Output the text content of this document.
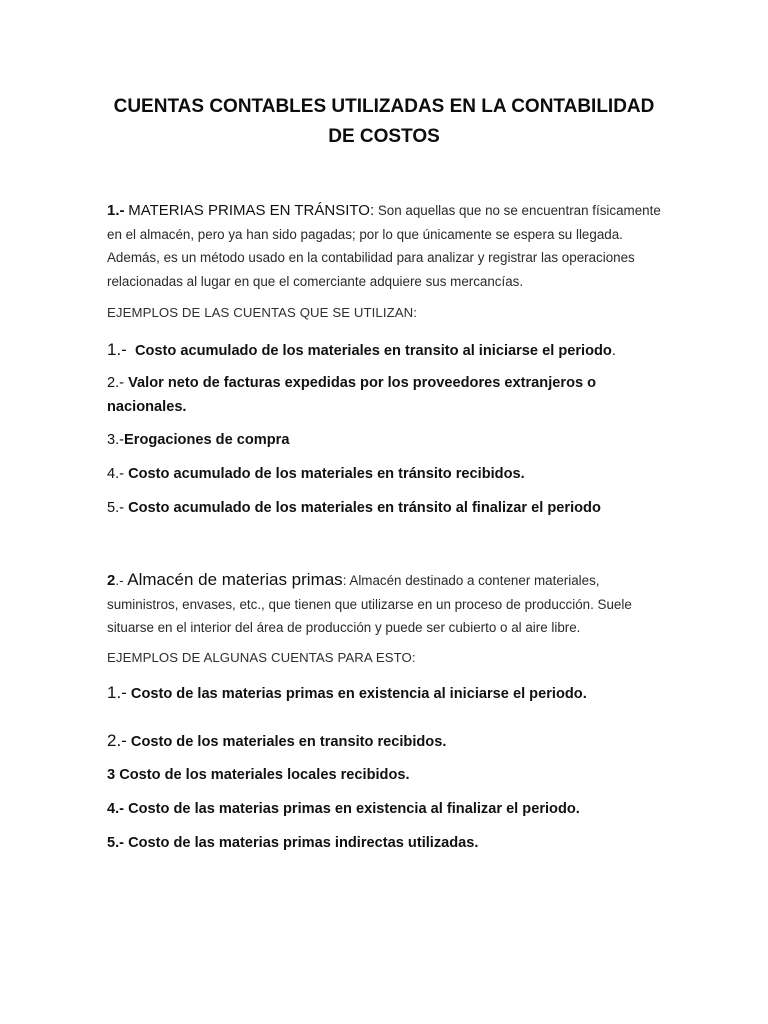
CUENTAS CONTABLES UTILIZADAS EN LA CONTABILIDAD
DE COSTOS
1.- MATERIAS PRIMAS EN TRÁNSITO: Son aquellas que no se encuentran físicamente en el almacén, pero ya han sido pagadas; por lo que únicamente se espera su llegada. Además, es un método usado en la contabilidad para analizar y registrar las operaciones relacionadas al lugar en que el comerciante adquiere sus mercancías.
EJEMPLOS DE LAS CUENTAS QUE SE UTILIZAN:
1.- Costo acumulado de los materiales en transito al iniciarse el periodo.
2.- Valor neto de facturas expedidas por los proveedores extranjeros o nacionales.
3.-Erogaciones de compra
4.- Costo acumulado de los materiales en tránsito recibidos.
5.- Costo acumulado de los materiales en tránsito al finalizar el periodo
2.- Almacén de materias primas: Almacén destinado a contener materiales, suministros, envases, etc., que tienen que utilizarse en un proceso de producción. Suele situarse en el interior del área de producción y puede ser cubierto o al aire libre.
EJEMPLOS DE ALGUNAS CUENTAS PARA ESTO:
1.- Costo de las materias primas en existencia al iniciarse el periodo.
2.- Costo de los materiales en transito recibidos.
3 Costo de los materiales locales recibidos.
4.- Costo de las materias primas en existencia al finalizar el periodo.
5.- Costo de las materias primas indirectas utilizadas.
